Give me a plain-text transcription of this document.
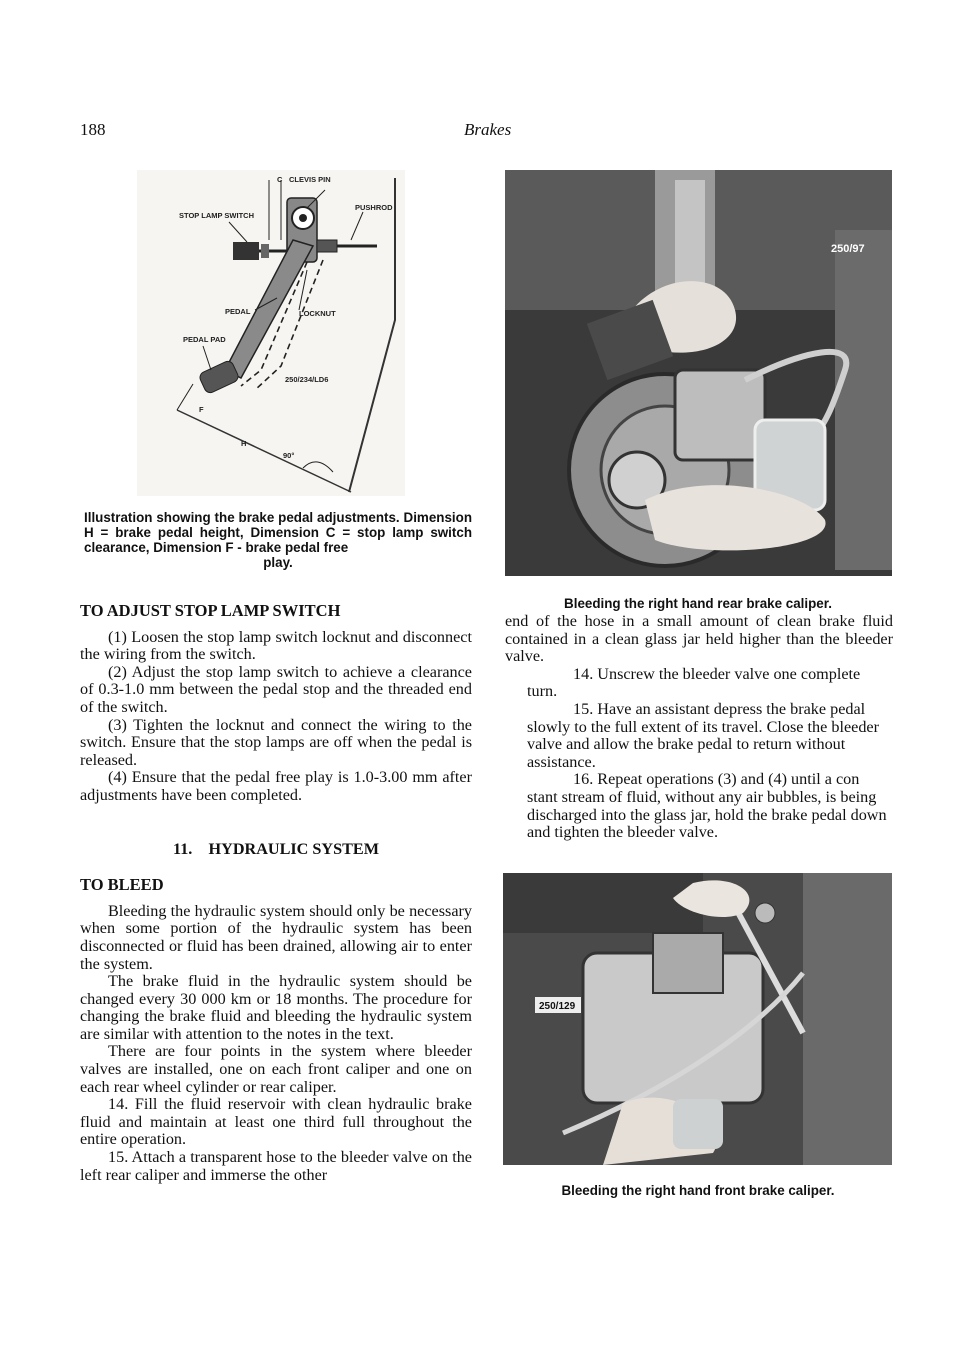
188	Brakes
C CLEVIS PIN
STOP LAMP SWITCH
PUSHROD
PEDAL	LOCKNUT
PEDAL PAD
250/234/LD6
F
H
90°
Illustration showing the brake pedal adjustments. Dimension H = brake pedal height, Dimension C = stop lamp switch clearance, Dimension F - brake pedal free
play.
250/97
Bleeding the right hand rear brake caliper.
TO ADJUST STOP LAMP SWITCH

(1) Loosen the stop lamp switch locknut and disconnect the wiring from the switch.

(2) Adjust the stop lamp switch to achieve a clearance of 0.3-1.0 mm between the pedal stop and the threaded end of the switch.

(3) Tighten the locknut and connect the wiring to the switch. Ensure that the stop lamps are off when the pedal is released.

(4) Ensure that the pedal free play is 1.0-3.00 mm after adjustments have been completed.

11.    HYDRAULIC SYSTEM
TO BLEED

Bleeding the hydraulic system should only be necessary when some portion of the hydraulic system has been disconnected or fluid has been drained, allowing air to enter the system.

The brake fluid in the hydraulic system should be changed every 30 000 km or 18 months. The procedure for changing the brake fluid and bleeding the hydraulic system are similar with attention to the notes in the text.

There are four points in the system where bleeder valves are installed, one on each front caliper and one on each rear wheel cylinder or rear caliper.

14. Fill the fluid reservoir with clean hydraulic brake fluid and maintain at least one third full throughout the entire operation.

15. Attach a transparent hose to the bleeder valve on the left rear caliper and immerse the other

end of the hose in a small amount of clean brake fluid contained in a clean glass jar held higher than the bleeder valve.

14. Unscrew the bleeder valve one complete turn.

15. Have an assistant depress the brake pedal slowly to the full extent of its travel. Close the bleeder valve and allow the brake pedal to return without assistance.

16. Repeat operations (3) and (4) until a con stant stream of fluid, without any air bubbles, is being discharged into the glass jar, hold the brake pedal down and tighten the bleeder valve.

250/129
Bleeding the right hand front brake caliper.
